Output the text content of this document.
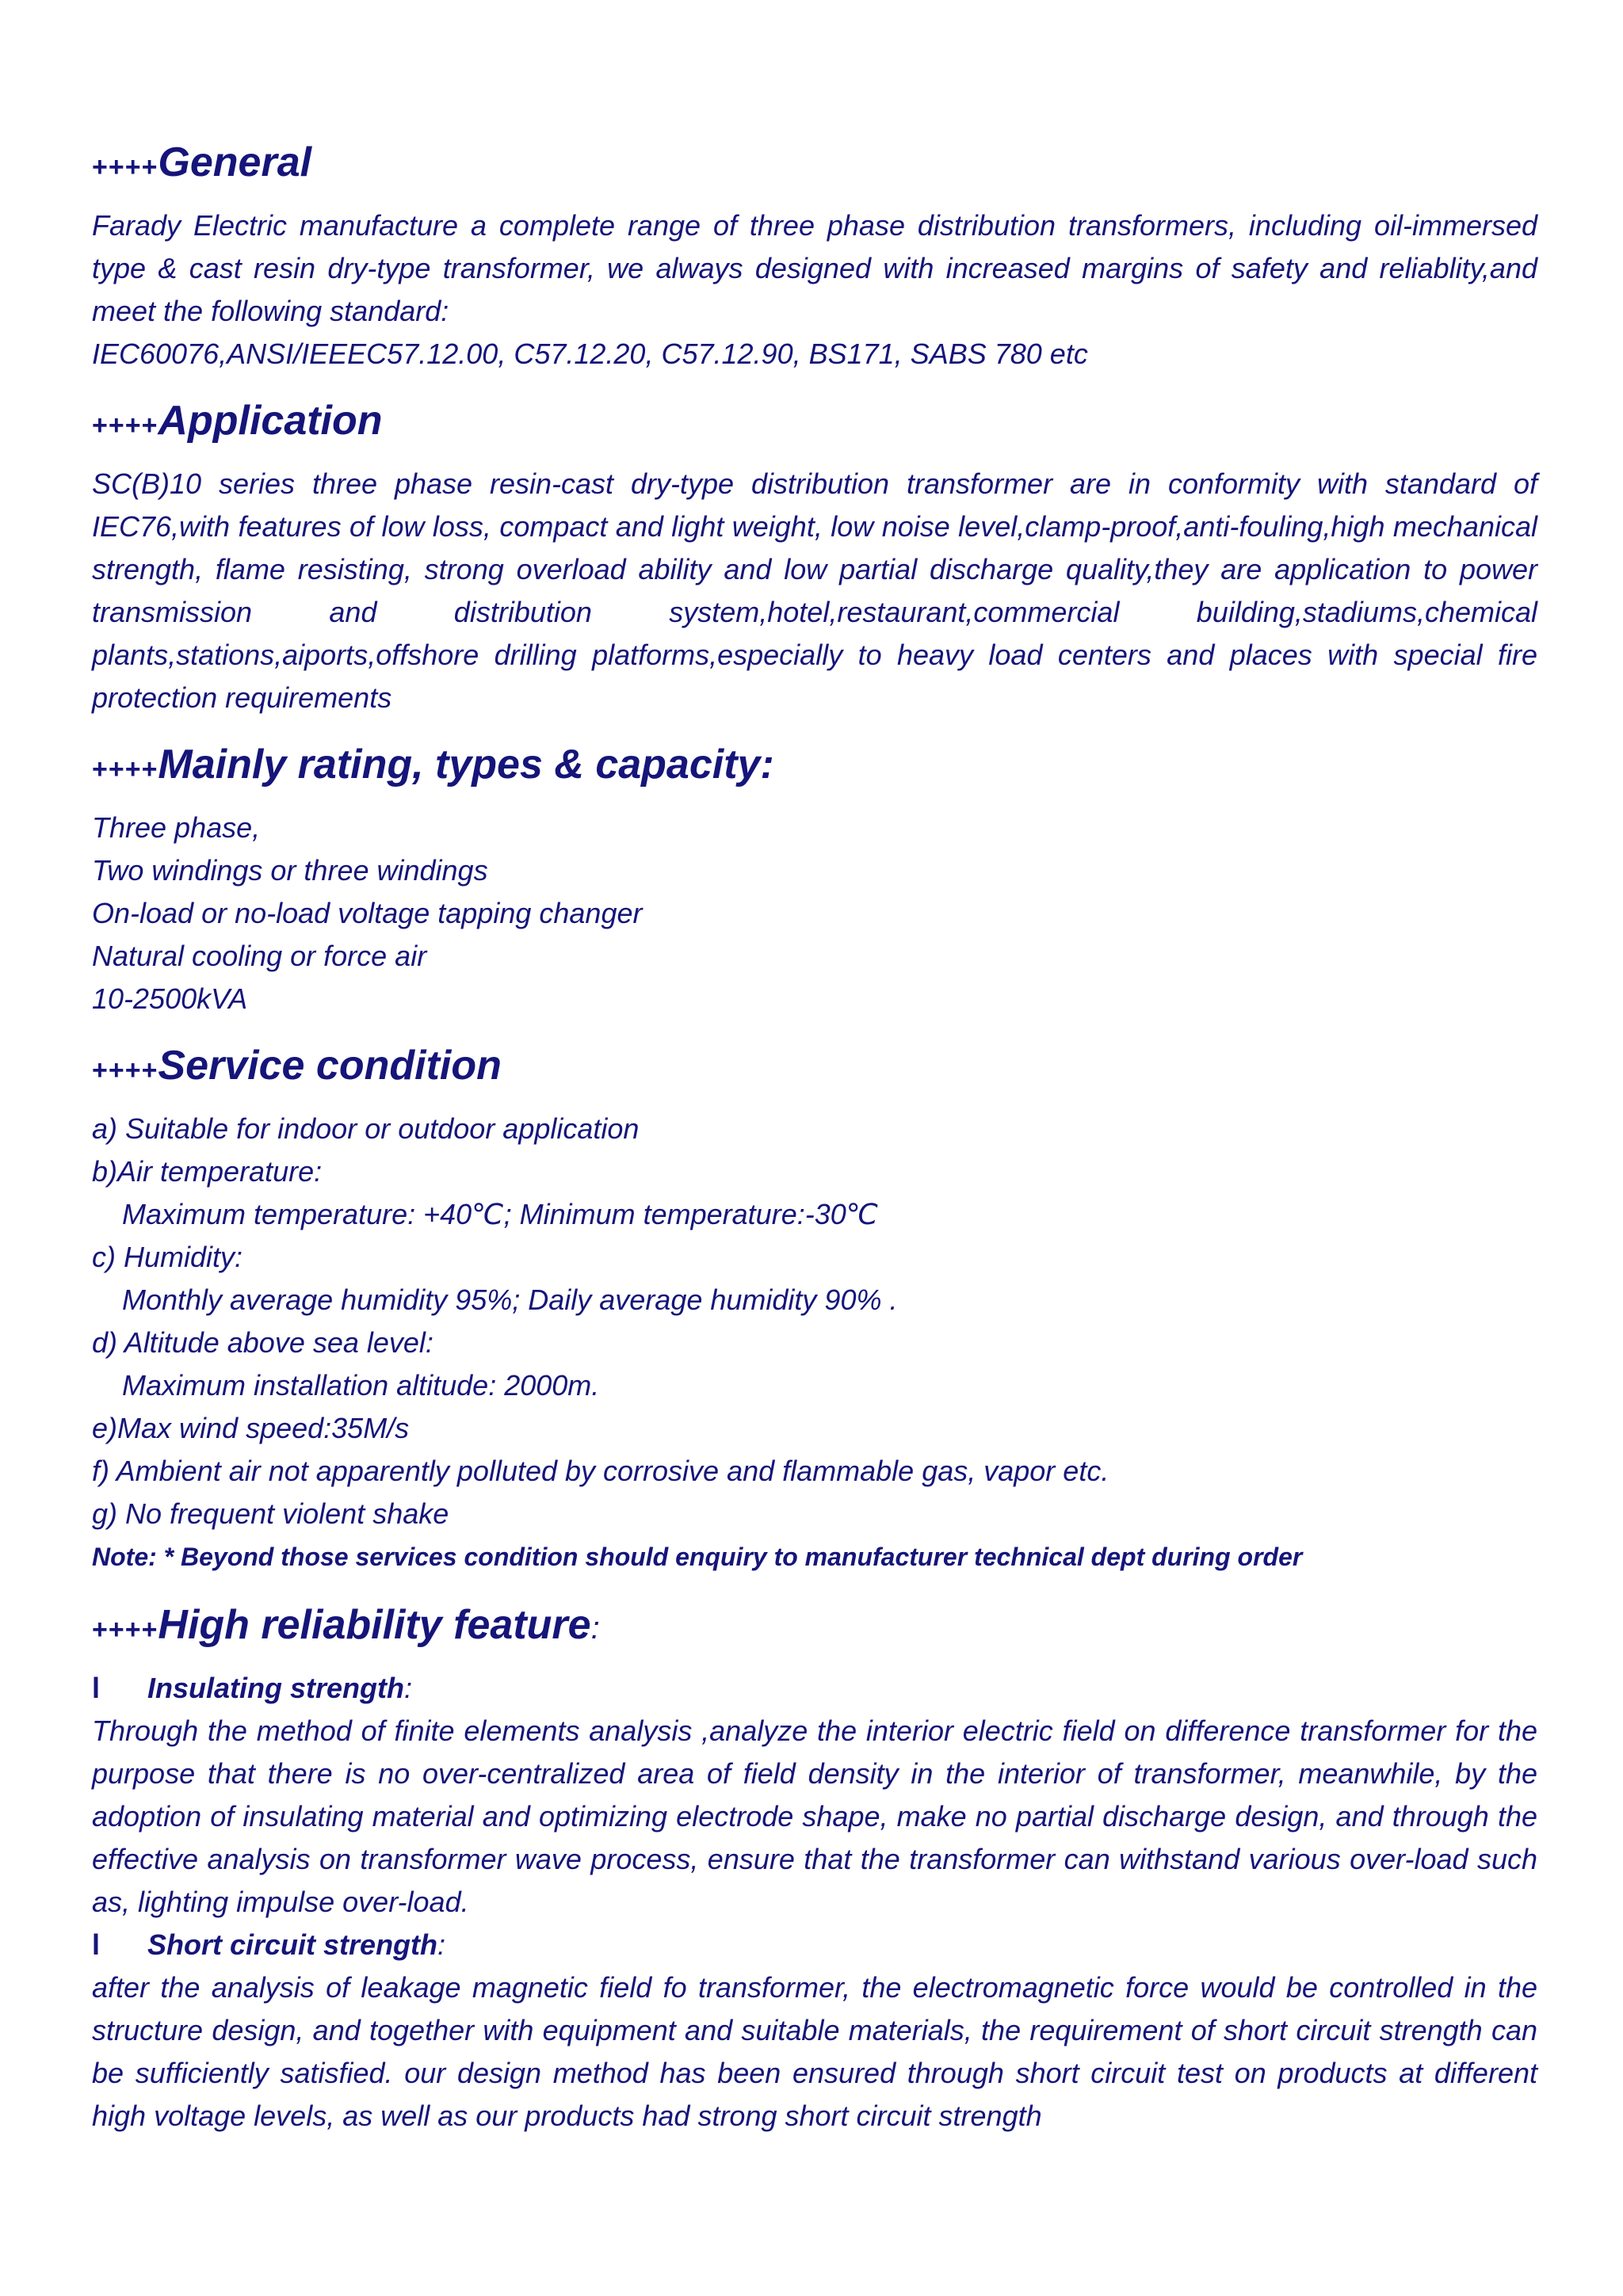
++++General

Farady Electric manufacture a complete range of three phase distribution transformers, including oil-immersed type & cast resin dry-type transformer, we always designed with increased margins of safety and reliablity,and meet the following standard:

IEC60076,ANSI/IEEEC57.12.00, C57.12.20, C57.12.90, BS171, SABS 780 etc

++++Application

SC(B)10 series three phase resin-cast dry-type distribution transformer are in conformity with standard of IEC76,with features of low loss, compact and light weight, low noise level,clamp-proof,anti-fouling,high mechanical strength, flame resisting, strong overload ability and low partial discharge quality,they are application to power transmission and distribution system,hotel,restaurant,commercial building,stadiums,chemical plants,stations,aiports,offshore drilling platforms,especially to heavy load centers and places with special fire protection requirements

++++Mainly rating, types & capacity:
Three phase,
Two windings or three windings
On-load or no-load voltage tapping changer
Natural cooling or force air
10-2500kVA
++++Service condition
a) Suitable for indoor or outdoor application
b)Air temperature:
Maximum temperature: +40℃; Minimum temperature:-30℃
c) Humidity:
Monthly average humidity 95%; Daily average humidity 90% .
d) Altitude above sea level:
Maximum installation altitude: 2000m.
e)Max wind speed:35M/s
f) Ambient air not apparently polluted by corrosive and flammable gas, vapor etc.
g) No frequent violent shake

Note: * Beyond those services condition should enquiry to manufacturer technical dept during order

++++High reliability feature:

l Insulating strength:

Through the method of finite elements analysis ,analyze the interior electric field on difference transformer for the purpose that there is no over-centralized area of field density in the interior of transformer, meanwhile, by the adoption of insulating material and optimizing electrode shape, make no partial discharge design, and through the effective analysis on transformer wave process, ensure that the transformer can withstand various over-load such as, lighting impulse over-load.

l Short circuit strength:

after the analysis of leakage magnetic field fo transformer, the electromagnetic force would be controlled in the structure design, and together with equipment and suitable materials, the requirement of short circuit strength can be sufficiently satisfied. our design method has been ensured through short circuit test on products at different high voltage levels, as well as our products had strong short circuit strength
